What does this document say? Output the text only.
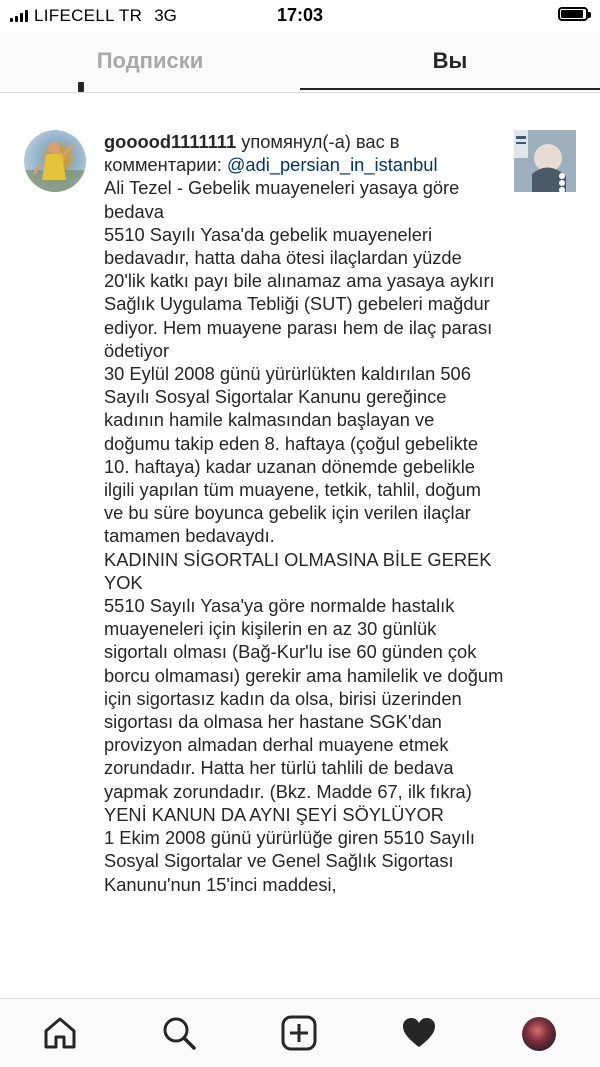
LIFECELL TR 3G	17:03
Подписки	Вы

gooood1111111 упомянул(-а) вас в комментарии: @adi_persian_in_istanbul

Ali Tezel - Gebelik muayeneleri yasaya göre bedava

5510 Sayılı Yasa'da gebelik muayeneleri bedavadır, hatta daha ötesi ilaçlardan yüzde 20'lik katkı payı bile alınamaz ama yasaya aykırı Sağlık Uygulama Tebliği (SUT) gebeleri mağdur ediyor. Hem muayene parası hem de ilaç parası ödetiyor

30 Eylül 2008 günü yürürlükten kaldırılan 506 Sayılı Sosyal Sigortalar Kanunu gereğince kadının hamile kalmasından başlayan ve doğumu takip eden 8. haftaya (çoğul gebelikte 10. haftaya) kadar uzanan dönemde gebelikle ilgili yapılan tüm muayene, tetkik, tahlil, doğum ve bu süre boyunca gebelik için verilen ilaçlar tamamen bedavaydı.

KADININ SİGORTALI OLMASINA BİLE GEREK YOK

5510 Sayılı Yasa'ya göre normalde hastalık muayeneleri için kişilerin en az 30 günlük sigortalı olması (Bağ-Kur'lu ise 60 günden çok borcu olmaması) gerekir ama hamilelik ve doğum için sigortasız kadın da olsa, birisi üzerinden sigortası da olmasa her hastane SGK'dan provizyon almadan derhal muayene etmek zorundadır. Hatta her türlü tahlili de bedava yapmak zorundadır. (Bkz. Madde 67, ilk fıkra)

YENİ KANUN DA AYNI ŞEYİ SÖYLÜYOR

1 Ekim 2008 günü yürürlüğe giren 5510 Sayılı Sosyal Sigortalar ve Genel Sağlık Sigortası Kanunu'nun 15'inci maddesi,
